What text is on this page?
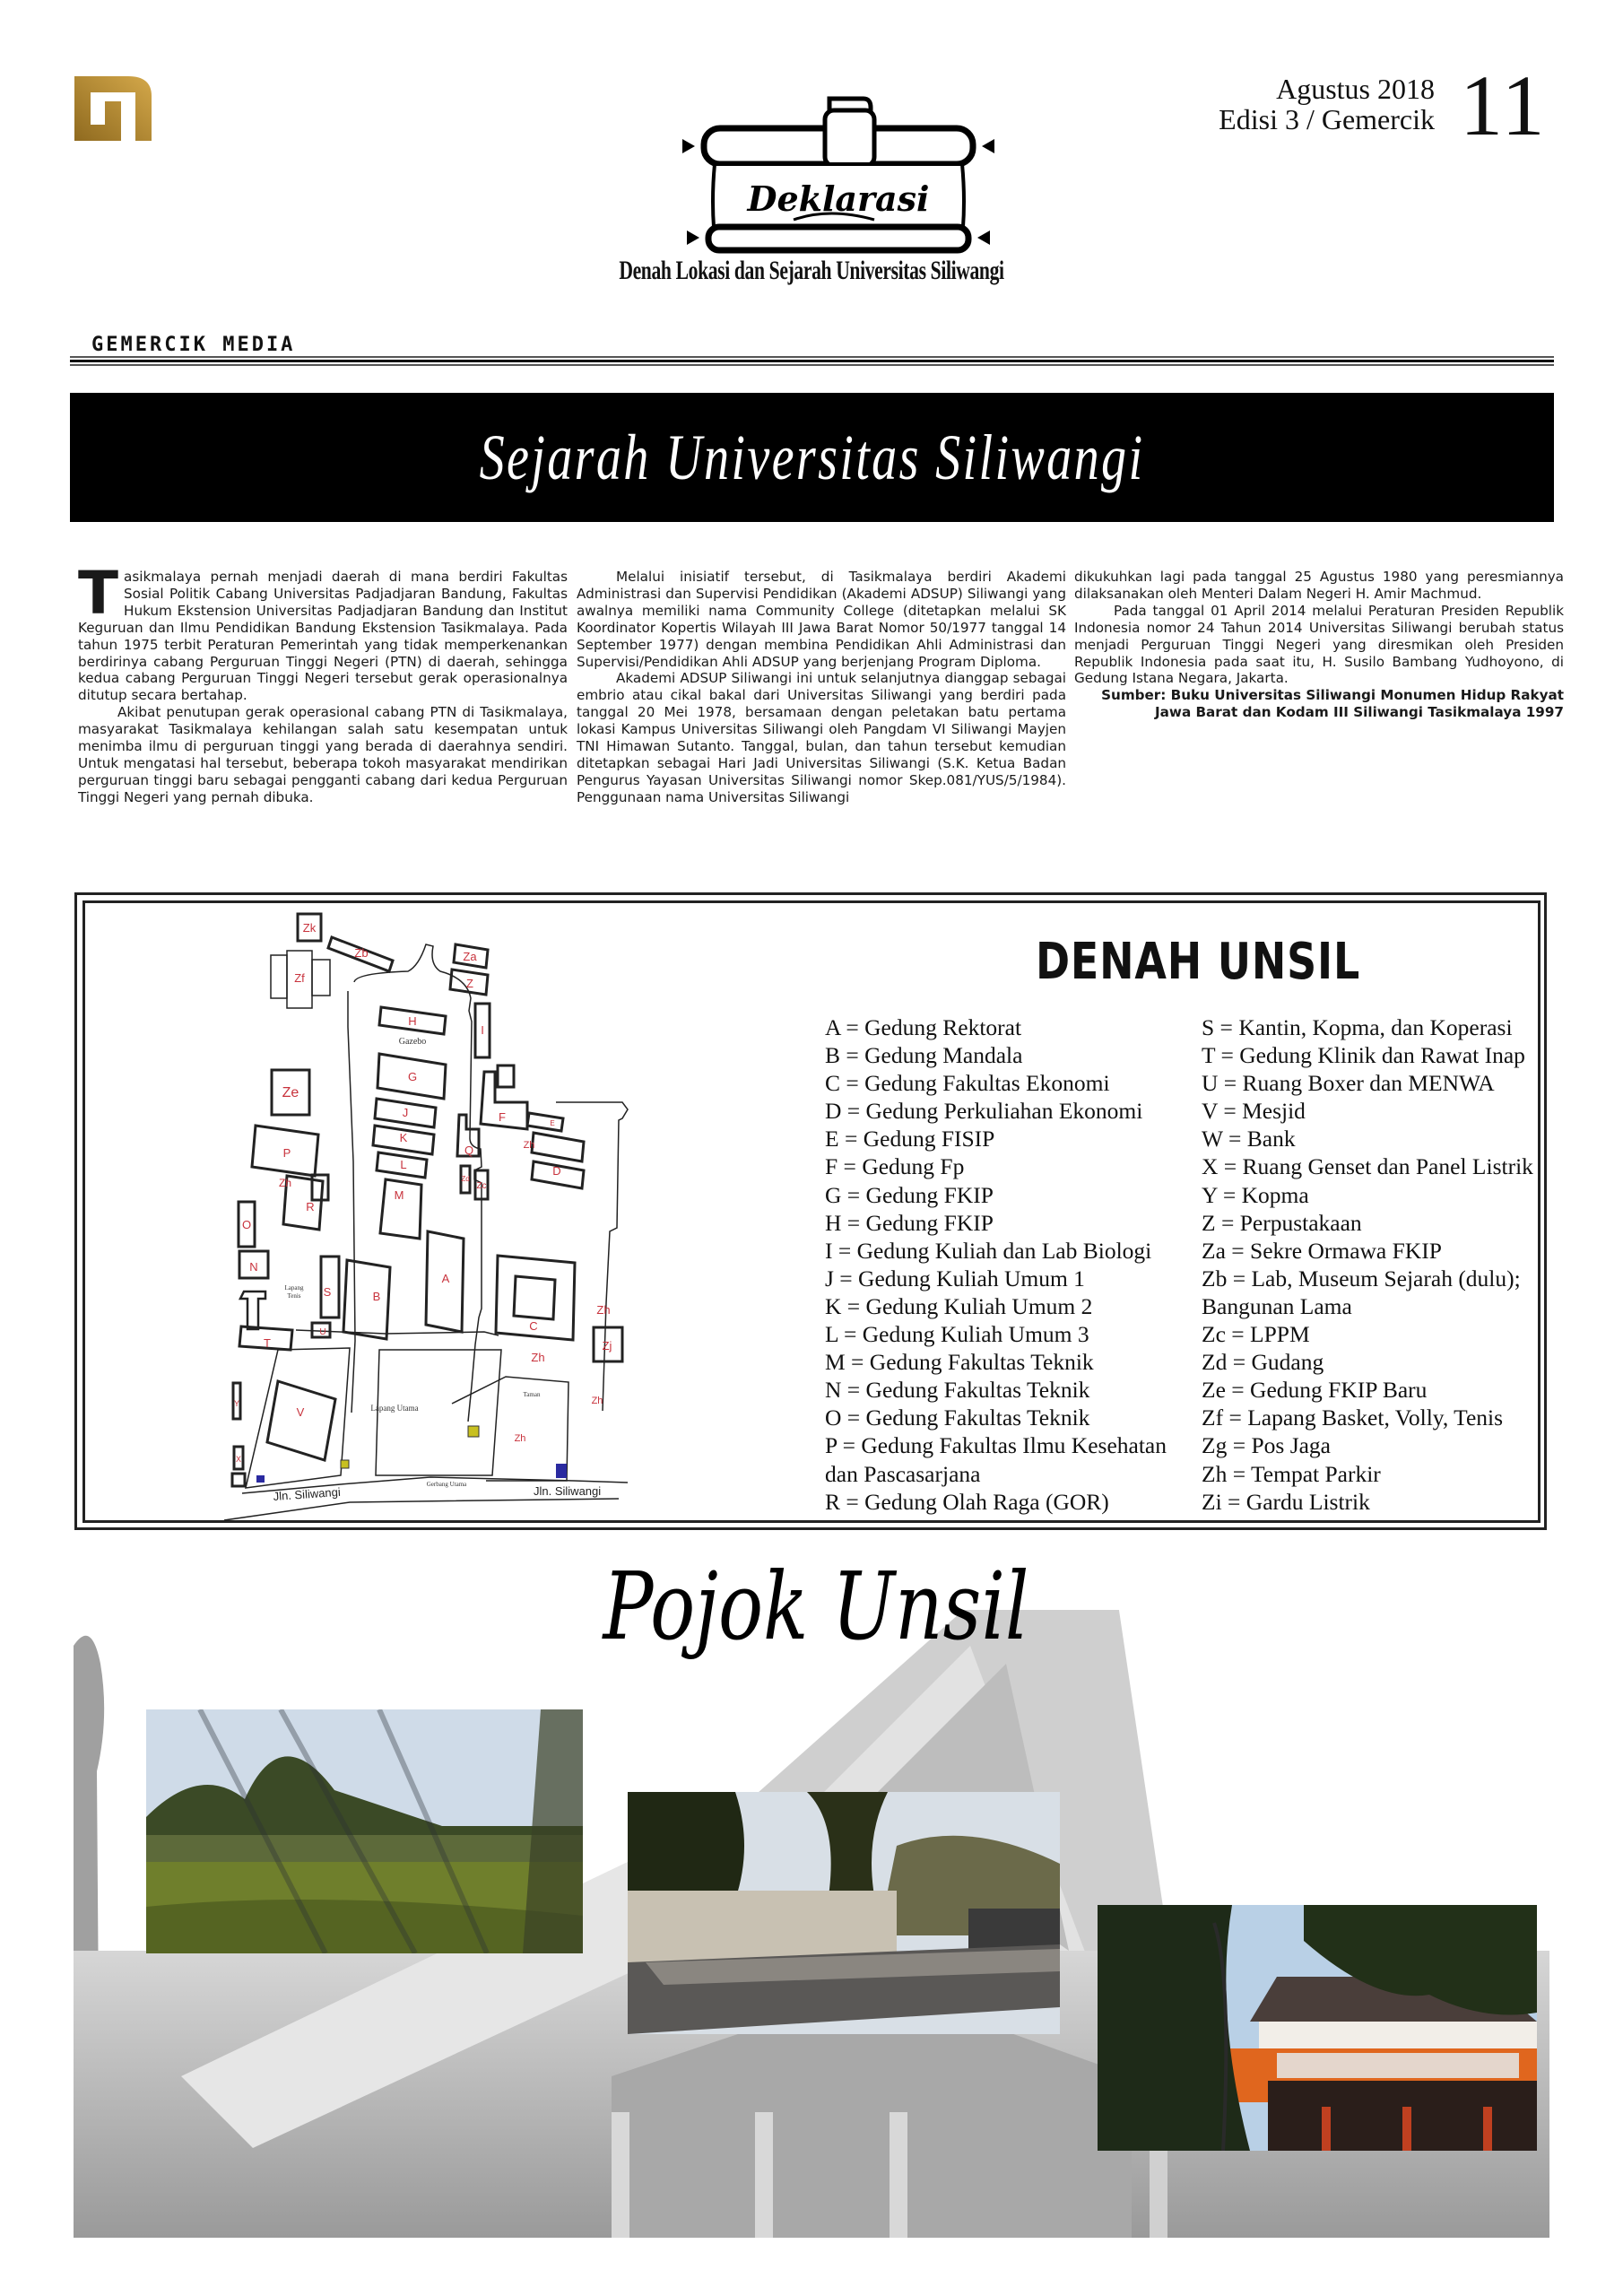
Agustus 2018
Edisi 3 / Gemercik 11
Deklarasi
Denah Lokasi dan Sejarah Universitas Siliwangi
GEMERCIK MEDIA
Sejarah Universitas Siliwangi
T asikmalaya pernah menjadi daerah di mana berdiri Fakultas Sosial Politik Cabang Universitas Padjadjaran Bandung, Fakultas Hukum Ekstension Universitas Padjadjaran Bandung dan Institut Keguruan dan Ilmu Pendidikan Bandung Ekstension Tasikmalaya. Pada tahun 1975 terbit Peraturan Pemerintah yang tidak memperkenankan berdirinya cabang Perguruan Tinggi Negeri (PTN) di daerah, sehingga kedua cabang Perguruan Tinggi Negeri tersebut gerak operasionalnya ditutup secara bertahap.

Akibat penutupan gerak operasional cabang PTN di Tasikmalaya, masyarakat Tasikmalaya kehilangan salah satu kesempatan untuk menimba ilmu di perguruan tinggi yang berada di daerahnya sendiri. Untuk mengatasi hal tersebut, beberapa tokoh masyarakat mendirikan perguruan tinggi baru sebagai pengganti cabang dari kedua Perguruan Tinggi Negeri yang pernah dibuka.

Melalui inisiatif tersebut, di Tasikmalaya berdiri Akademi Administrasi dan Supervisi Pendidikan (Akademi ADSUP) Siliwangi yang awalnya memiliki nama Community College (ditetapkan melalui SK Koordinator Kopertis Wilayah III Jawa Barat Nomor 50/1977 tanggal 14 September 1977) dengan membina Pendidikan Ahli Administrasi dan Supervisi/Pendidikan Ahli ADSUP yang berjenjang Program Diploma.

Akademi ADSUP Siliwangi ini untuk selanjutnya dianggap sebagai embrio atau cikal bakal dari Universitas Siliwangi yang berdiri pada tanggal 20 Mei 1978, bersamaan dengan peletakan batu pertama lokasi Kampus Universitas Siliwangi oleh Pangdam VI Siliwangi Mayjen TNI Himawan Sutanto. Tanggal, bulan, dan tahun tersebut kemudian ditetapkan sebagai Hari Jadi Universitas Siliwangi (S.K. Ketua Badan Pengurus Yayasan Universitas Siliwangi nomor Skep.081/YUS/5/1984). Penggunaan nama Universitas Siliwangi

dikukuhkan lagi pada tanggal 25 Agustus 1980 yang peresmiannya dilaksanakan oleh Menteri Dalam Negeri H. Amir Machmud.

Pada tanggal 01 April 2014 melalui Peraturan Presiden Republik Indonesia nomor 24 Tahun 2014 Universitas Siliwangi berubah status menjadi Perguruan Tinggi Negeri yang diresmikan oleh Presiden Republik Indonesia pada saat itu, H. Susilo Bambang Yudhoyono, di Gedung Istana Negara, Jakarta.

Sumber: Buku Universitas Siliwangi Monumen Hidup Rakyat Jawa Barat dan Kodam III Siliwangi Tasikmalaya 1997

Zk
Zb	Za
Z
Zf
H
I
G
Ze
J
K
F	E
P
L
Q	Zh
M
Zd
Zc
D
Zh
R
O
N
S	B
A
C
T
U
Zh
Zj
Zh
Zh
V
Y
X
Zh
Gazebo
Lapang
Tenis
Lapang Utama
Taman
Gerbang Utama
Jln. Siliwangi	Jln. Siliwangi
DENAH UNSIL
A = Gedung Rektorat
B = Gedung Mandala
C = Gedung Fakultas Ekonomi
D = Gedung Perkuliahan Ekonomi
E = Gedung FISIP
F = Gedung Fp
G = Gedung FKIP
H = Gedung FKIP
I = Gedung Kuliah dan Lab Biologi
J = Gedung Kuliah Umum 1
K = Gedung Kuliah Umum 2
L = Gedung Kuliah Umum 3
M = Gedung Fakultas Teknik
N = Gedung Fakultas Teknik
O = Gedung Fakultas Teknik
P = Gedung Fakultas Ilmu Kesehatan
dan Pascasarjana
R = Gedung Olah Raga (GOR)
S = Kantin, Kopma, dan Koperasi
T = Gedung Klinik dan Rawat Inap
U = Ruang Boxer dan MENWA
V = Mesjid
W = Bank
X = Ruang Genset dan Panel Listrik
Y = Kopma
Z = Perpustakaan
Za = Sekre Ormawa FKIP
Zb = Lab, Museum Sejarah (dulu);
Bangunan Lama
Zc = LPPM
Zd = Gudang
Ze = Gedung FKIP Baru
Zf = Lapang Basket, Volly, Tenis
Zg = Pos Jaga
Zh = Tempat Parkir
Zi = Gardu Listrik
Pojok Unsil
